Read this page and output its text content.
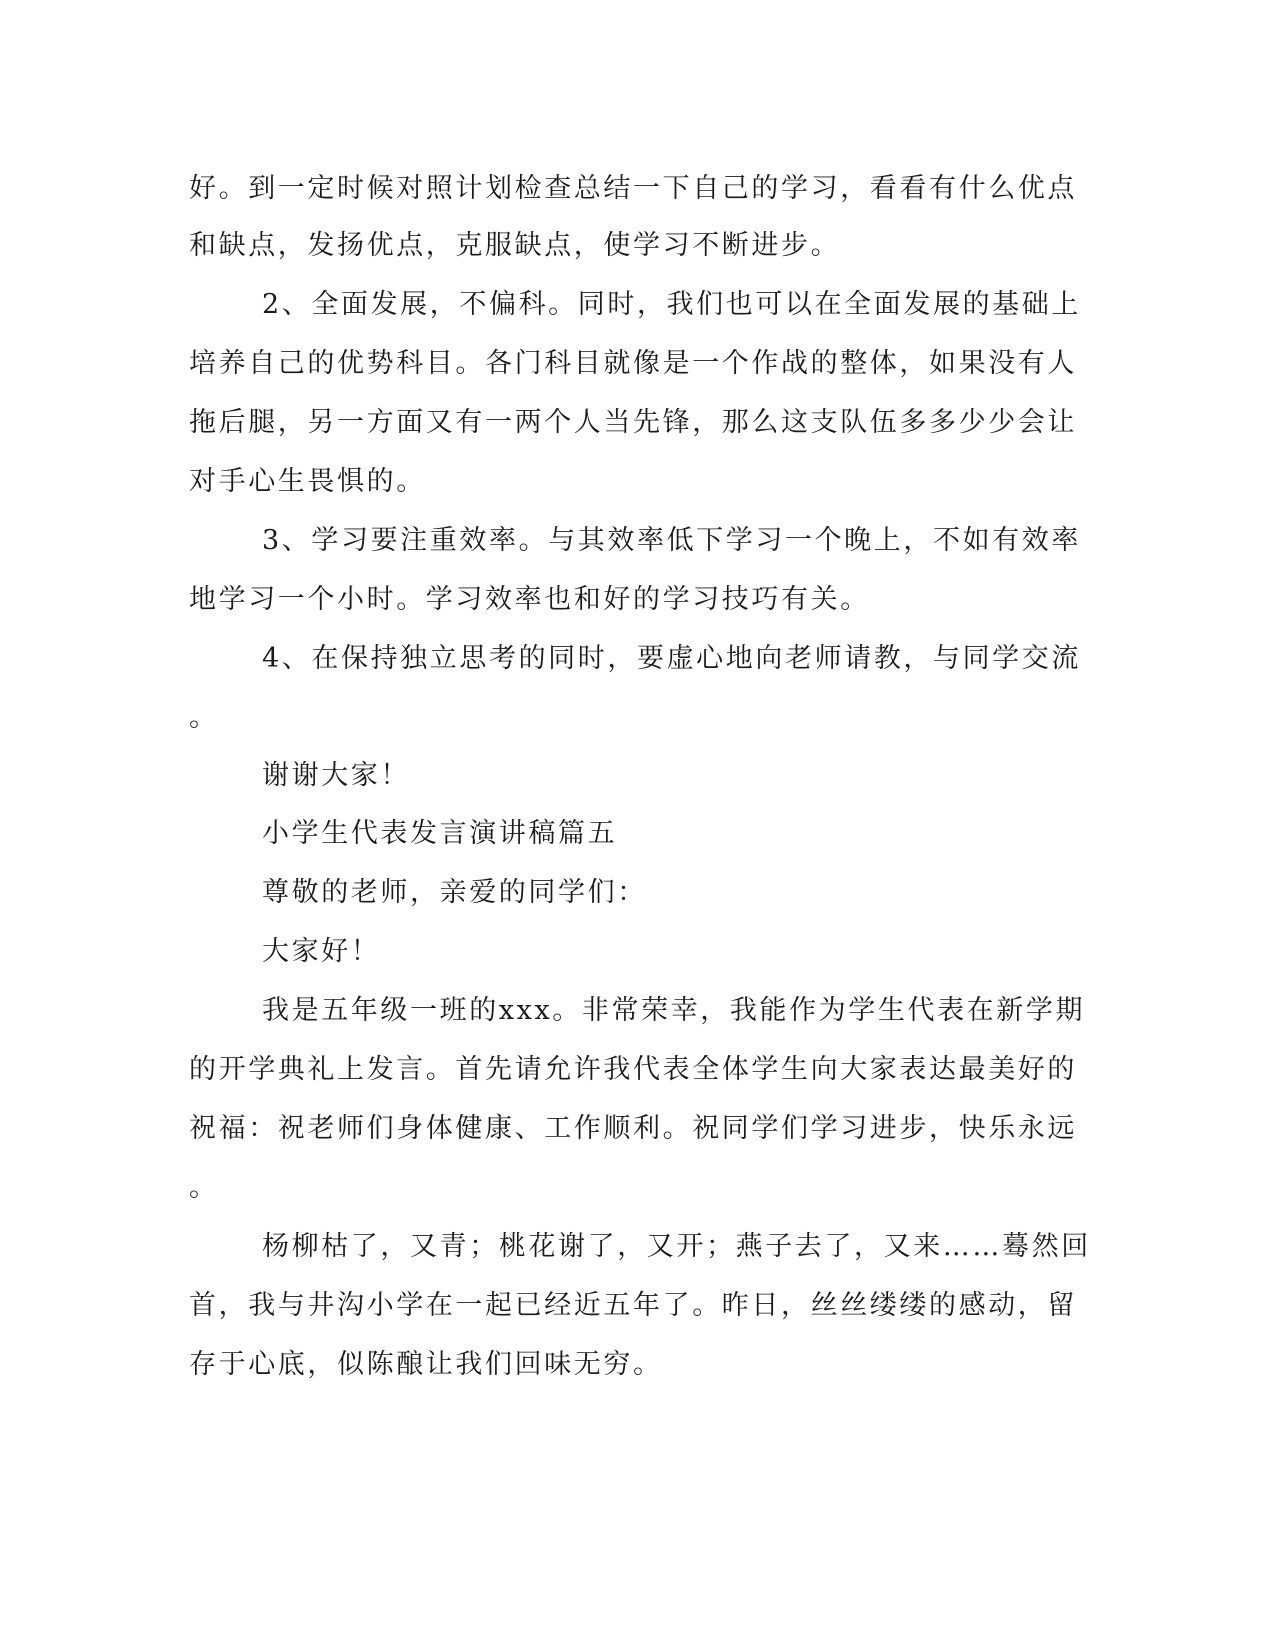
好。到一定时候对照计划检查总结一下自己的学习，看看有什么优点
和缺点，发扬优点，克服缺点，使学习不断进步。
2、全面发展，不偏科。同时，我们也可以在全面发展的基础上
培养自己的优势科目。各门科目就像是一个作战的整体，如果没有人
拖后腿，另一方面又有一两个人当先锋，那么这支队伍多多少少会让
对手心生畏惧的。
3、学习要注重效率。与其效率低下学习一个晚上，不如有效率
地学习一个小时。学习效率也和好的学习技巧有关。
4、在保持独立思考的同时，要虚心地向老师请教，与同学交流
。
谢谢大家！
小学生代表发言演讲稿篇五
尊敬的老师，亲爱的同学们：
大家好！
我是五年级一班的xxx。非常荣幸，我能作为学生代表在新学期
的开学典礼上发言。首先请允许我代表全体学生向大家表达最美好的
祝福：祝老师们身体健康、工作顺利。祝同学们学习进步，快乐永远
。
杨柳枯了，又青；桃花谢了，又开；燕子去了，又来……蓦然回
首，我与井沟小学在一起已经近五年了。昨日，丝丝缕缕的感动，留
存于心底，似陈酿让我们回味无穷。
